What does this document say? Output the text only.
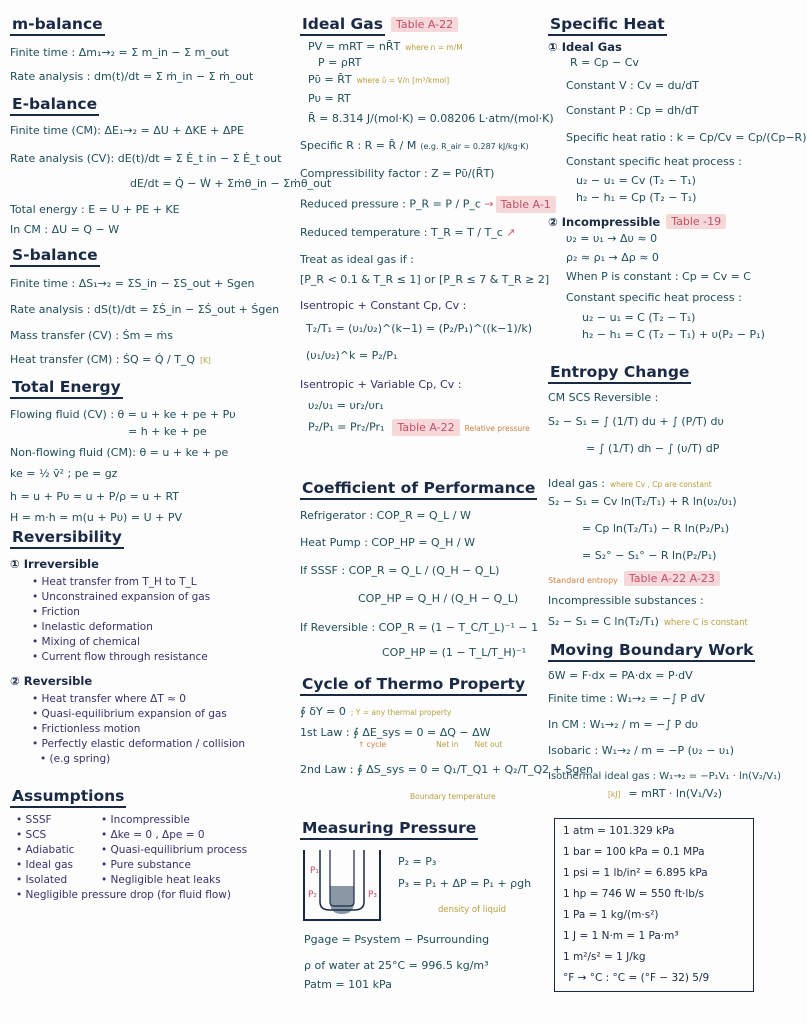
m-balance
Finite time : Δm₁→₂ = Σ m_in − Σ m_out
Rate analysis : dm(t)/dt = Σ ṁ_in − Σ ṁ_out
E-balance
Finite time (CM): ΔE₁→₂ = ΔU + ΔKE + ΔPE
Rate analysis (CV): dE(t)/dt = Σ Ė_t in − Σ Ė_t out
dE/dt = Q̇ − Ẇ + Σṁθ_in − Σṁθ_out
Total energy : E = U + PE + KE
In CM : ΔU = Q − W
S-balance
Finite time : ΔS₁→₂ = ΣS_in − ΣS_out + Sgen
Rate analysis : dS(t)/dt = ΣṠ_in − ΣṠ_out + Ṡgen
Mass transfer (CV) : Ṡm = ṁs
Heat transfer (CM) : ṠQ = Q̇ / T_Q [K]
Total Energy
Flowing fluid (CV) : θ = u + ke + pe + Pυ
= h + ke + pe
Non-flowing fluid (CM): θ = u + ke + pe
ke = ½ v̄² ; pe = gz
h = u + Pυ = u + P/ρ = u + RT
H = m·h = m(u + Pυ) = U + PV
Reversibility
① Irreversible
• Heat transfer from T_H to T_L
• Unconstrained expansion of gas
• Friction
• Inelastic deformation
• Mixing of chemical
• Current flow through resistance
② Reversible
• Heat transfer where ΔT ≈ 0
• Quasi-equilibrium expansion of gas
• Frictionless motion
• Perfectly elastic deformation / collision
• (e.g spring)
Assumptions
• SSSF
• SCS
• Adiabatic
• Ideal gas
• Isolated
• Incompressible
• Δke = 0 , Δpe = 0
• Quasi-equilibrium process
• Pure substance
• Negligible heat leaks
• Negligible pressure drop (for fluid flow)
Ideal Gas Table A-22
PV = mRT = nR̄T where n = m/M
P = ρRT
Pῡ = R̄T where ῡ = V/n [m³/kmol]
Pυ = RT
R̄ = 8.314 J/(mol·K) = 0.08206 L·atm/(mol·K)
Specific R : R = R̄ / M (e.g. R_air = 0.287 kJ/kg·K)
Compressibility factor : Z = Pῡ/(R̄T)
Reduced pressure : P_R = P / P_c → Table A-1
Reduced temperature : T_R = T / T_c ↗
Treat as ideal gas if :
[P_R < 0.1 & T_R ≤ 1] or [P_R ≤ 7 & T_R ≥ 2]
Isentropic + Constant Cp, Cv :
T₂/T₁ = (υ₁/υ₂)^(k−1) = (P₂/P₁)^((k−1)/k)
(υ₁/υ₂)^k = P₂/P₁
Isentropic + Variable Cp, Cv :
υ₂/υ₁ = υr₂/υr₁
P₂/P₁ = Pr₂/Pr₁ Table A-22 Relative pressure
Coefficient of Performance
Refrigerator : COP_R = Q_L / W
Heat Pump : COP_HP = Q_H / W
If SSSF : COP_R = Q_L / (Q_H − Q_L)
COP_HP = Q_H / (Q_H − Q_L)
If Reversible : COP_R = (1 − T_C/T_L)⁻¹ − 1
COP_HP = (1 − T_L/T_H)⁻¹
Cycle of Thermo Property
∮ δY = 0 ; Y = any thermal property
1st Law : ∮ ΔE_sys = 0 = ΔQ − ΔW
↑ cycle	Net in Net out
2nd Law : ∮ ΔS_sys = 0 = Q₁/T_Q1 + Q₂/T_Q2 + Sgen
Boundary temperature
Measuring Pressure
P₁
P₂	P₃
P₂ = P₃
P₃ = P₁ + ΔP = P₁ + ρgh
density of liquid
Pgage = Psystem − Psurrounding
ρ of water at 25°C = 996.5 kg/m³
Patm = 101 kPa
Specific Heat
① Ideal Gas
R = Cp − Cv
Constant V : Cv = du/dT
Constant P : Cp = dh/dT
Specific heat ratio : k = Cp/Cv = Cp/(Cp−R)
Constant specific heat process :
u₂ − u₁ = Cv (T₂ − T₁)
h₂ − h₁ = Cp (T₂ − T₁)
② Incompressible Table -19
υ₂ = υ₁ → Δυ ≈ 0
ρ₂ ≈ ρ₁ → Δρ ≈ 0
When P is constant : Cp = Cv = C
Constant specific heat process :
u₂ − u₁ = C (T₂ − T₁)
h₂ − h₁ = C (T₂ − T₁) + υ(P₂ − P₁)
Entropy Change
CM SCS Reversible :
S₂ − S₁ = ∫ (1/T) du + ∫ (P/T) dυ
= ∫ (1/T) dh − ∫ (υ/T) dP
Ideal gas : where Cv , Cp are constant
S₂ − S₁ = Cv ln(T₂/T₁) + R ln(υ₂/υ₁)
= Cp ln(T₂/T₁) − R ln(P₂/P₁)
= S₂° − S₁° − R ln(P₂/P₁)
Standard entropy Table A-22 A-23
Incompressible substances :
S₂ − S₁ = C ln(T₂/T₁) where C is constant
Moving Boundary Work
δW = F·dx = PA·dx = P·dV
Finite time : W₁→₂ = −∫ P dV
In CM : W₁→₂ / m = −∫ P dυ
Isobaric : W₁→₂ / m = −P (υ₂ − υ₁)
Isothermal ideal gas : W₁→₂ = −P₁V₁ · ln(V₂/V₁)
[kJ] = mRT · ln(V₁/V₂)
1 atm = 101.329 kPa
1 bar = 100 kPa = 0.1 MPa
1 psi = 1 lb/in² = 6.895 kPa
1 hp = 746 W = 550 ft·lb/s
1 Pa = 1 kg/(m·s²)
1 J = 1 N·m = 1 Pa·m³
1 m²/s² = 1 J/kg
°F → °C : °C = (°F − 32) 5/9
